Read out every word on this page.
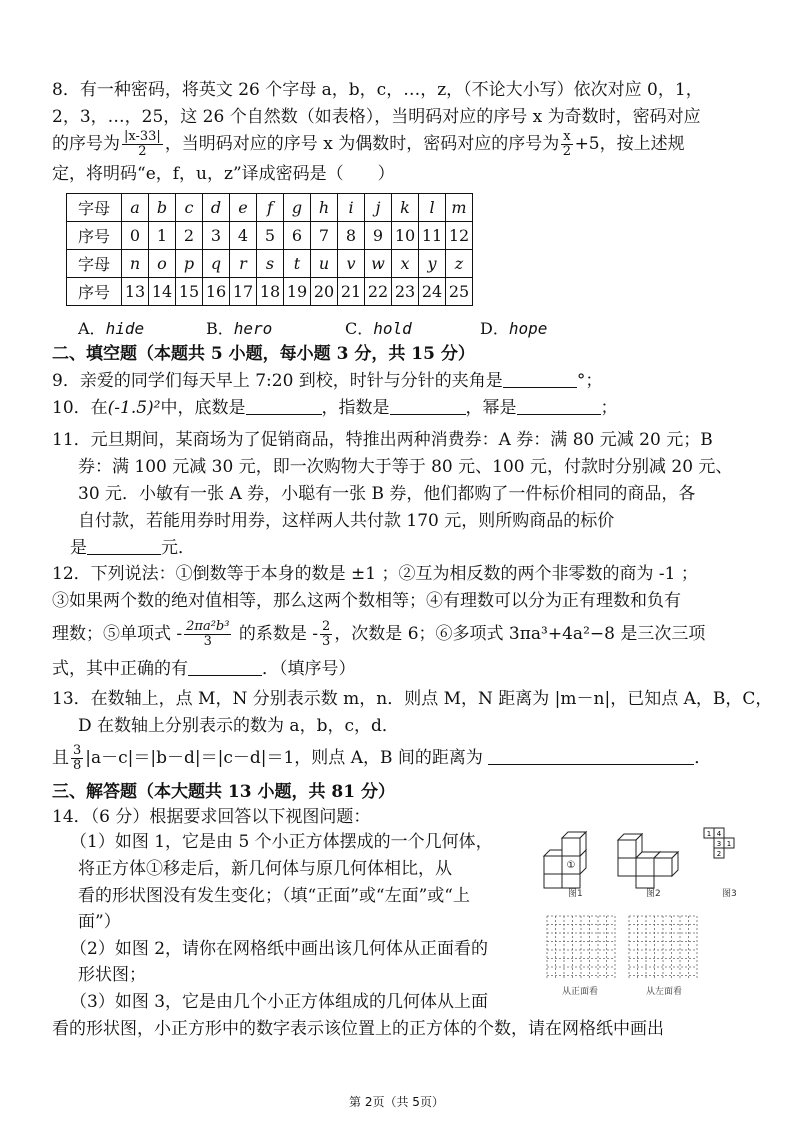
8．有一种密码，将英文 26 个字母 a，b，c，…，z，（不论大小写）依次对应 0，1，
2，3，…，25，这 26 个自然数（如表格），当明码对应的序号 x 为奇数时，密码对应
的序号为 $\frac{|x-33|}{2}$ ，当明码对应的序号 x 为偶数时，密码对应的序号为 $\frac{x}{2} +5$，按上述规
定，将明码“e，f，u，z”译成密码是（　　）
字母	a	b	c	d	e	f	g	h	i	j	k	l	m
序号	0	1	2	3	4	5	6	7	8	9	10	11	12
字母	n	o	p	q	r	s	t	u	v	w	x	y	z
序号	13	14	15	16	17	18	19	20	21	22	23	24	25
A．hide	B．hero	C．hold	D．hope
二、填空题（本题共 5 小题，每小题 3 分，共 15 分）
9．亲爱的同学们每天早上 7:20 到校，时针与分针的夹角是	°；
10．在(-1.5)²中，底数是	，指数是	，幂是	；
11．元旦期间，某商场为了促销商品，特推出两种消费券：A 券：满 80 元减 20 元；B
券：满 100 元减 30 元，即一次购物大于等于 80 元、100 元，付款时分别减 20 元、
30 元．小敏有一张 A 券，小聪有一张 B 券，他们都购了一件标价相同的商品，各
自付款，若能用券时用券，这样两人共付款 170 元，则所购商品的标价
是	元．
12．下列说法：①倒数等于本身的数是 ±1 ；②互为相反数的两个非零数的商为 -1 ；
③如果两个数的绝对值相等，那么这两个数相等；④有理数可以分为正有理数和负有
理数；⑤单项式 - $\frac{\text{2πa²b³}}{3}$ 的系数是 - $\frac{2}{3}$ ，次数是 6；⑥多项式 3πa³+4a²−8 是三次三项
式，其中正确的有	．（填序号）
13．在数轴上，点 M，N 分别表示数 m，n．则点 M，N 距离为 |m－n|，已知点 A，B，C，
D 在数轴上分别表示的数为 a，b，c，d．
且 $\frac{3}{8} |a-c|=|b-d|=|c-d|=1$，则点 A，B 间的距离为	．
三、解答题（本大题共 13 小题，共 81 分）
14．（6 分）根据要求回答以下视图问题：
（1）如图 1，它是由 5 个小正方体摆成的一个几何体，
将正方体①移走后，新几何体与原几何体相比，从
看的形状图没有发生变化；（填“正面”或“左面”或“上
面”）
（2）如图 2，请你在网格纸中画出该几何体从正面看的
形状图；
（3）如图 3，它是由几个小正方体组成的几何体从上面
看的形状图，小正方形中的数字表示该位置上的正方体的个数，请在网格纸中画出
①
图1	图2
1 4
3
2
1
图3
从正面看	从左面看
第 2页（共 5页）
